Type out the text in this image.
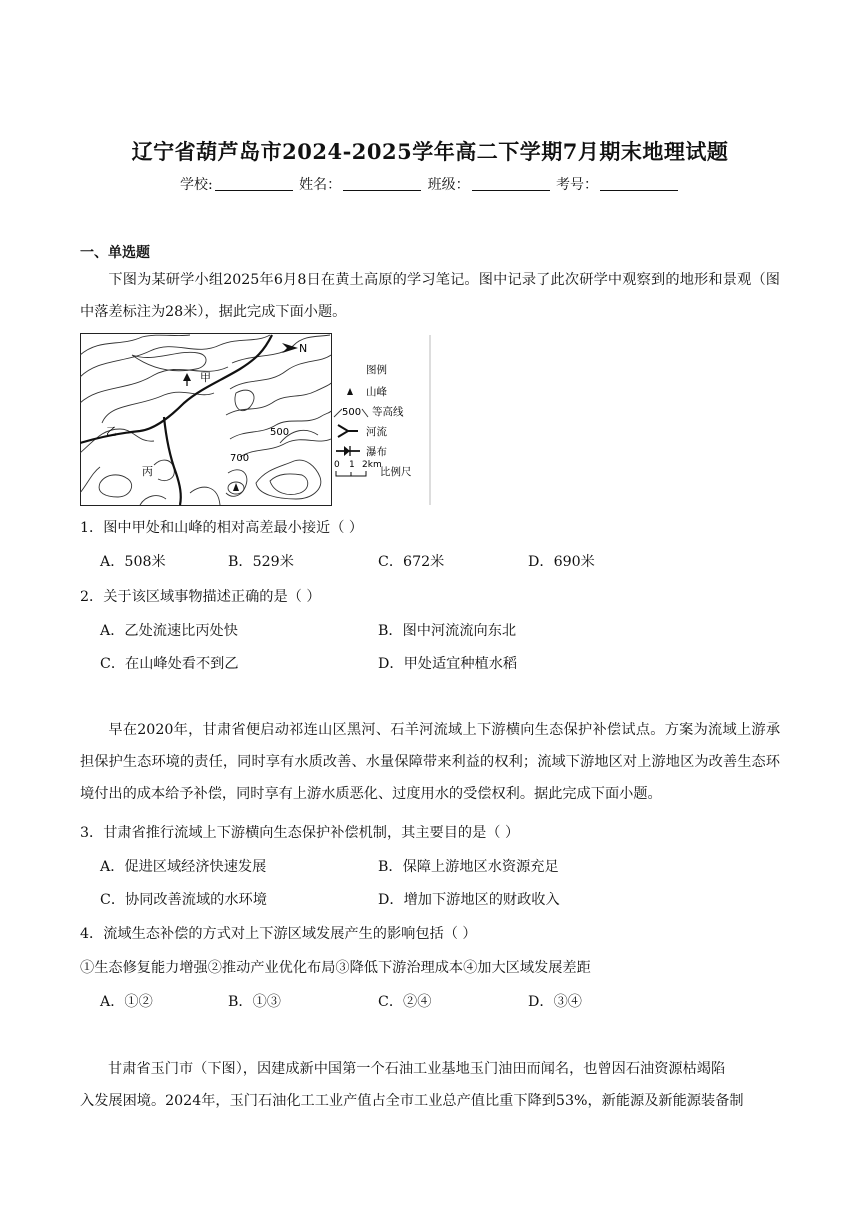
辽宁省葫芦岛市2024-2025学年高二下学期7月期末地理试题
学校:	姓名：	班级：	考号：
一、单选题
下图为某研学小组2025年6月8日在黄土高原的学习笔记。图中记录了此次研学中观察到的地形和景观（图中落差标注为28米），据此完成下面小题。
N
甲
乙
丙
500
700
图例
山峰
500 等高线
河流
瀑布
0 1 2km
比例尺
1．图中甲处和山峰的相对高差最小接近（ ）
A．508米	B．529米	C．672米	D．690米
2．关于该区域事物描述正确的是（ ）
A．乙处流速比丙处快	B．图中河流流向东北
C．在山峰处看不到乙	D．甲处适宜种植水稻
早在2020年，甘肃省便启动祁连山区黑河、石羊河流域上下游横向生态保护补偿试点。方案为流域上游承担保护生态环境的责任，同时享有水质改善、水量保障带来利益的权利；流域下游地区对上游地区为改善生态环境付出的成本给予补偿，同时享有上游水质恶化、过度用水的受偿权利。据此完成下面小题。
3．甘肃省推行流域上下游横向生态保护补偿机制，其主要目的是（ ）
A．促进区域经济快速发展	B．保障上游地区水资源充足
C．协同改善流域的水环境	D．增加下游地区的财政收入
4．流域生态补偿的方式对上下游区域发展产生的影响包括（ ）
①生态修复能力增强②推动产业优化布局③降低下游治理成本④加大区域发展差距
A．①②	B．①③	C．②④	D．③④
甘肃省玉门市（下图），因建成新中国第一个石油工业基地玉门油田而闻名，也曾因石油资源枯竭陷
入发展困境。2024年，玉门石油化工工业产值占全市工业总产值比重下降到53%，新能源及新能源装备制
